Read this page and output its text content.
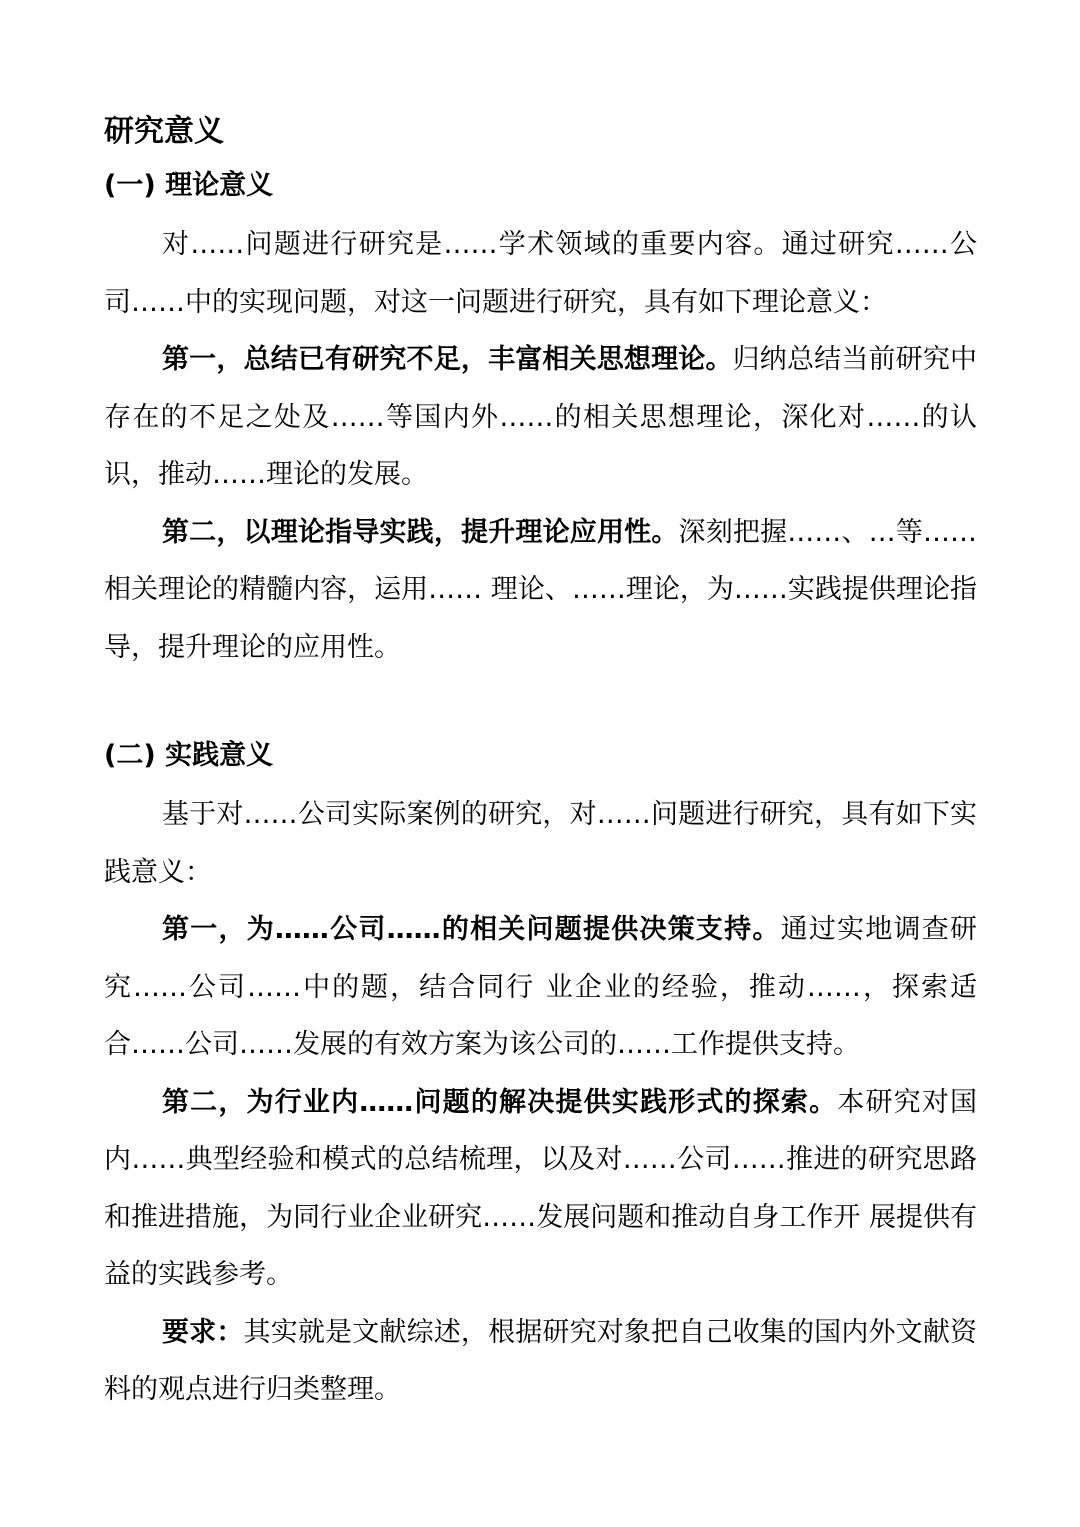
研究意义
(一) 理论意义

对……问题进行研究是……学术领域的重要内容。通过研究……公司……中的实现问题，对这一问题进行研究，具有如下理论意义：

第一，总结已有研究不足，丰富相关思想理论。归纳总结当前研究中存在的不足之处及……等国内外……的相关思想理论，深化对……的认识，推动……理论的发展。

第二，以理论指导实践，提升理论应用性。深刻把握……、…等……相关理论的精髓内容，运用…… 理论、……理论，为……实践提供理论指导，提升理论的应用性。

(二) 实践意义

基于对……公司实际案例的研究，对……问题进行研究，具有如下实践意义：

第一，为……公司……的相关问题提供决策支持。通过实地调查研究……公司……中的题，结合同行 业企业的经验，推动……，探索适合……公司……发展的有效方案为该公司的……工作提供支持。

第二，为行业内……问题的解决提供实践形式的探索。本研究对国内……典型经验和模式的总结梳理，以及对……公司……推进的研究思路和推进措施，为同行业企业研究……发展问题和推动自身工作开 展提供有益的实践参考。

要求：其实就是文献综述，根据研究对象把自己收集的国内外文献资料的观点进行归类整理。
